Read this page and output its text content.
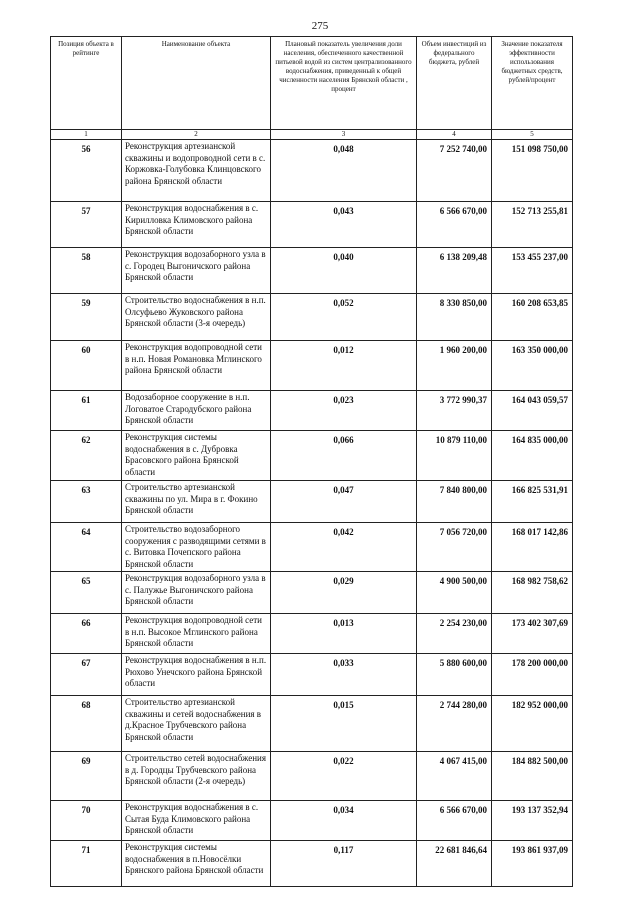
275
Позиция объекта в рейтинге	Наименование объекта	Плановый показатель увеличения доли населения, обеспеченного качественной питьевой водой из систем централизованного водоснабжения, приведенный к общей численности населения Брянской области , процент	Объем инвестиций из федерального бюджета, рублей	Значение показателя эффективности использования бюджетных средств, рублей/процент
1	2	3	4	5
56	Реконструкция артезианской скважины и водопроводной сети в с. Коржовка-Голубовка Клинцовского района Брянской области	0,048	7 252 740,00	151 098 750,00
57	Реконструкция водоснабжения в с. Кирилловка Климовского района Брянской области	0,043	6 566 670,00	152 713 255,81
58	Реконструкция водозаборного узла в с. Городец Выгоничского района Брянской области	0,040	6 138 209,48	153 455 237,00
59	Строительство водоснабжения в н.п. Олсуфьево Жуковского района Брянской области (3-я очередь)	0,052	8 330 850,00	160 208 653,85
60	Реконструкция водопроводной сети в н.п. Новая Романовка Мглинского района Брянской области	0,012	1 960 200,00	163 350 000,00
61	Водозаборное сооружение в н.п. Логоватое Стародубского района Брянской области	0,023	3 772 990,37	164 043 059,57
62	Реконструкция системы водоснабжения в с. Дубровка Брасовского района Брянской области	0,066	10 879 110,00	164 835 000,00
63	Строительство артезианской скважины по ул. Мира в г. Фокино Брянской области	0,047	7 840 800,00	166 825 531,91
64	Строительство водозаборного сооружения с разводящими сетями в с. Витовка Почепского района Брянской области	0,042	7 056 720,00	168 017 142,86
65	Реконструкция водозаборного узла в с. Палужье Выгоничского района Брянской области	0,029	4 900 500,00	168 982 758,62
66	Реконструкция водопроводной сети в н.п. Высокое Мглинского района Брянской области	0,013	2 254 230,00	173 402 307,69
67	Реконструкция водоснабжения в н.п. Рюхово Унечского района Брянской области	0,033	5 880 600,00	178 200 000,00
68	Строительство артезианской скважины и сетей водоснабжения в д.Красное Трубчевского района Брянской области	0,015	2 744 280,00	182 952 000,00
69	Строительство сетей водоснабжения в д. Городцы Трубчевского района Брянской области (2-я очередь)	0,022	4 067 415,00	184 882 500,00
70	Реконструкция водоснабжения в с. Сытая Буда Климовского района Брянской области	0,034	6 566 670,00	193 137 352,94
71	Реконструкция системы водоснабжения в п.Новосёлки Брянского района Брянской области	0,117	22 681 846,64	193 861 937,09
